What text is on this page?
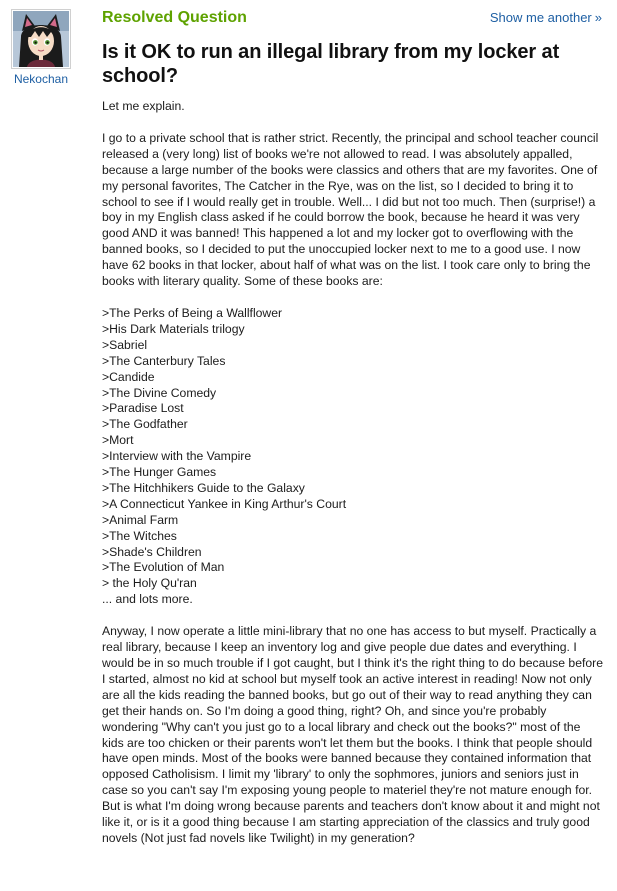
Nekochan
Resolved Question	Show me another »
Is it OK to run an illegal library from my locker at school?

Let me explain.

I go to a private school that is rather strict. Recently, the principal and school teacher council released a (very long) list of books we're not allowed to read. I was absolutely appalled, because a large number of the books were classics and others that are my favorites. One of my personal favorites, The Catcher in the Rye, was on the list, so I decided to bring it to school to see if I would really get in trouble. Well... I did but not too much. Then (surprise!) a boy in my English class asked if he could borrow the book, because he heard it was very good AND it was banned! This happened a lot and my locker got to overflowing with the banned books, so I decided to put the unoccupied locker next to me to a good use. I now have 62 books in that locker, about half of what was on the list. I took care only to bring the books with literary quality. Some of these books are:

>The Perks of Being a Wallflower
>His Dark Materials trilogy
>Sabriel
>The Canterbury Tales
>Candide
>The Divine Comedy
>Paradise Lost
>The Godfather
>Mort
>Interview with the Vampire
>The Hunger Games
>The Hitchhikers Guide to the Galaxy
>A Connecticut Yankee in King Arthur's Court
>Animal Farm
>The Witches
>Shade's Children
>The Evolution of Man
> the Holy Qu'ran
... and lots more.

Anyway, I now operate a little mini-library that no one has access to but myself. Practically a real library, because I keep an inventory log and give people due dates and everything. I would be in so much trouble if I got caught, but I think it's the right thing to do because before I started, almost no kid at school but myself took an active interest in reading! Now not only are all the kids reading the banned books, but go out of their way to read anything they can get their hands on. So I'm doing a good thing, right? Oh, and since you're probably wondering "Why can't you just go to a local library and check out the books?" most of the kids are too chicken or their parents won't let them but the books. I think that people should have open minds. Most of the books were banned because they contained information that opposed Catholisism. I limit my 'library' to only the sophmores, juniors and seniors just in case so you can't say I'm exposing young people to materiel they're not mature enough for. But is what I'm doing wrong because parents and teachers don't know about it and might not like it, or is it a good thing because I am starting appreciation of the classics and truly good novels (Not just fad novels like Twilight) in my generation?
